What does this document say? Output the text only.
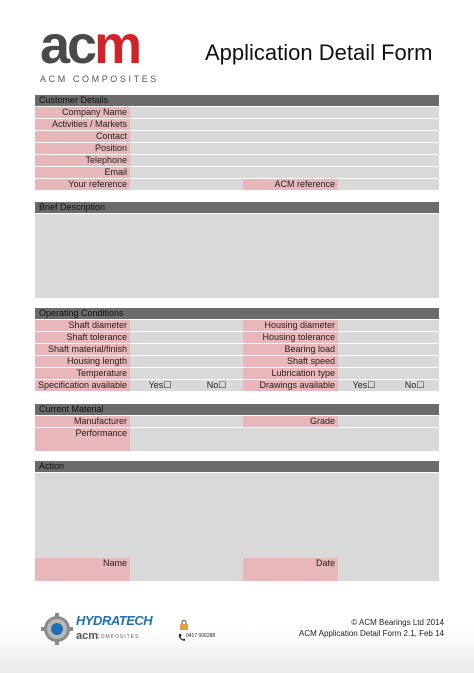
acm
ACM COMPOSITES
Application Detail Form
Customer Details
Company Name
Activities / Markets
Contact
Position
Telephone
Email
Your reference	ACM reference
Brief Description
Operating Conditions
Shaft diameter	Housing diameter
Shaft tolerance	Housing tolerance
Shaft material/finish	Bearing load
Housing length	Shaft speed
Temperature	Lubrication type
Specification available	Yes☐	No☐	Drawings available	Yes☐	No☐
Current Material
Manufacturer	Grade
Performance
Action
Name	Date
HYDRATECH
acm
COMPOSITES	0417 006288
© ACM Bearings Ltd 2014
ACM Application Detail Form 2.1, Feb 14
